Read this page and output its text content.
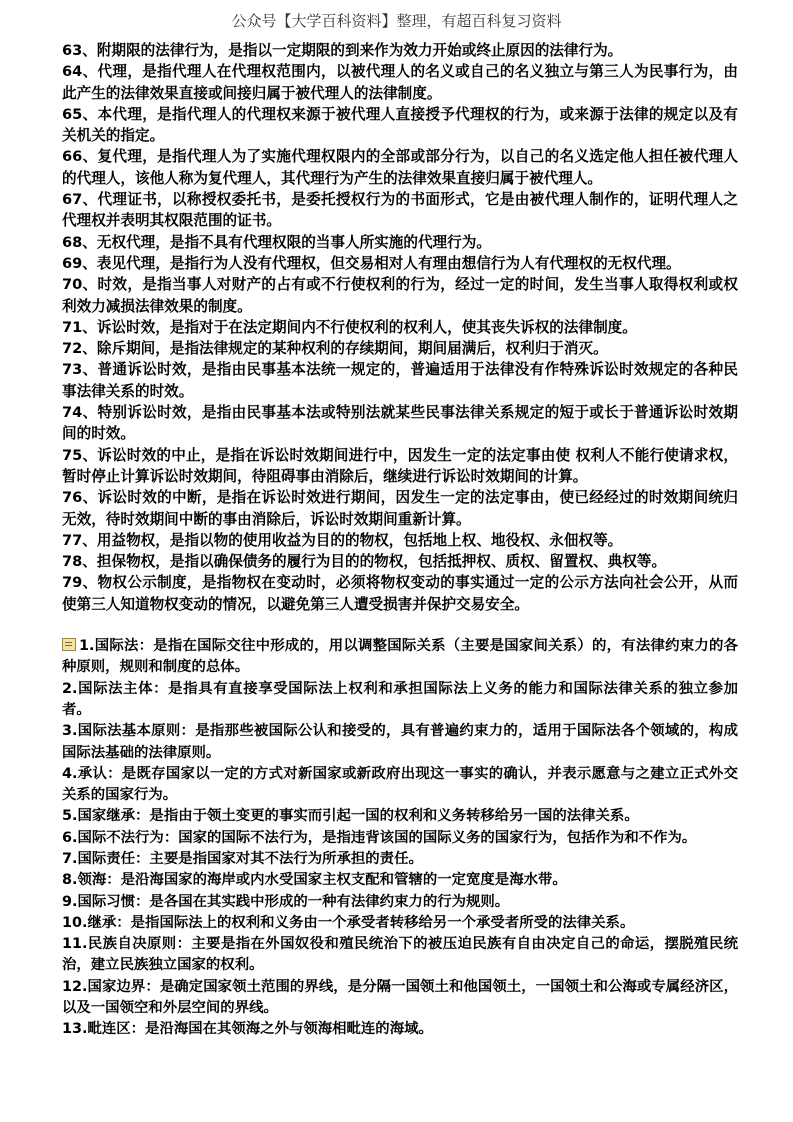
公众号【大学百科资料】整理，有超百科复习资料

63、附期限的法律行为，是指以一定期限的到来作为效力开始或终止原因的法律行为。

64、代理，是指代理人在代理权范围内，以被代理人的名义或自己的名义独立与第三人为民事行为，由此产生的法律效果直接或间接归属于被代理人的法律制度。

65、本代理，是指代理人的代理权来源于被代理人直接授予代理权的行为，或来源于法律的规定以及有关机关的指定。

66、复代理，是指代理人为了实施代理权限内的全部或部分行为，以自己的名义选定他人担任被代理人的代理人，该他人称为复代理人，其代理行为产生的法律效果直接归属于被代理人。

67、代理证书，以称授权委托书，是委托授权行为的书面形式，它是由被代理人制作的，证明代理人之代理权并表明其权限范围的证书。

68、无权代理，是指不具有代理权限的当事人所实施的代理行为。

69、表见代理，是指行为人没有代理权，但交易相对人有理由想信行为人有代理权的无权代理。

70、时效，是指当事人对财产的占有或不行使权利的行为，经过一定的时间，发生当事人取得权利或权利效力减损法律效果的制度。

71、诉讼时效，是指对于在法定期间内不行使权利的权利人，使其丧失诉权的法律制度。

72、除斥期间，是指法律规定的某种权利的存续期间，期间届满后，权利归于消灭。

73、普通诉讼时效，是指由民事基本法统一规定的，普遍适用于法律没有作特殊诉讼时效规定的各种民事法律关系的时效。

74、特别诉讼时效，是指由民事基本法或特别法就某些民事法律关系规定的短于或长于普通诉讼时效期间的时效。

75、诉讼时效的中止，是指在诉讼时效期间进行中，因发生一定的法定事由使 权利人不能行使请求权，暂时停止计算诉讼时效期间，待阻碍事由消除后，继续进行诉讼时效期间的计算。

76、诉讼时效的中断，是指在诉讼时效进行期间，因发生一定的法定事由，使已经经过的时效期间统归无效，待时效期间中断的事由消除后，诉讼时效期间重新计算。

77、用益物权，是指以物的使用收益为目的的物权，包括地上权、地役权、永佃权等。

78、担保物权，是指以确保债务的履行为目的的物权，包括抵押权、质权、留置权、典权等。

79、物权公示制度，是指物权在变动时，必须将物权变动的事实通过一定的公示方法向社会公开，从而使第三人知道物权变动的情况，以避免第三人遭受损害并保护交易安全。

1.国际法：是指在国际交往中形成的，用以调整国际关系（主要是国家间关系）的，有法律约束力的各种原则，规则和制度的总体。

2.国际法主体：是指具有直接享受国际法上权利和承担国际法上义务的能力和国际法律关系的独立参加者。

3.国际法基本原则：是指那些被国际公认和接受的，具有普遍约束力的，适用于国际法各个领域的，构成国际法基础的法律原则。

4.承认：是既存国家以一定的方式对新国家或新政府出现这一事实的确认，并表示愿意与之建立正式外交关系的国家行为。

5.国家继承：是指由于领土变更的事实而引起一国的权利和义务转移给另一国的法律关系。

6.国际不法行为：国家的国际不法行为，是指违背该国的国际义务的国家行为，包括作为和不作为。

7.国际责任：主要是指国家对其不法行为所承担的责任。

8.领海：是沿海国家的海岸或内水受国家主权支配和管辖的一定宽度是海水带。

9.国际习惯：是各国在其实践中形成的一种有法律约束力的行为规则。

10.继承：是指国际法上的权利和义务由一个承受者转移给另一个承受者所受的法律关系。

11.民族自决原则：主要是指在外国奴役和殖民统治下的被压迫民族有自由决定自己的命运，摆脱殖民统治，建立民族独立国家的权利。

12.国家边界：是确定国家领土范围的界线，是分隔一国领土和他国领土，一国领土和公海或专属经济区，以及一国领空和外层空间的界线。

13.毗连区：是沿海国在其领海之外与领海相毗连的海域。
